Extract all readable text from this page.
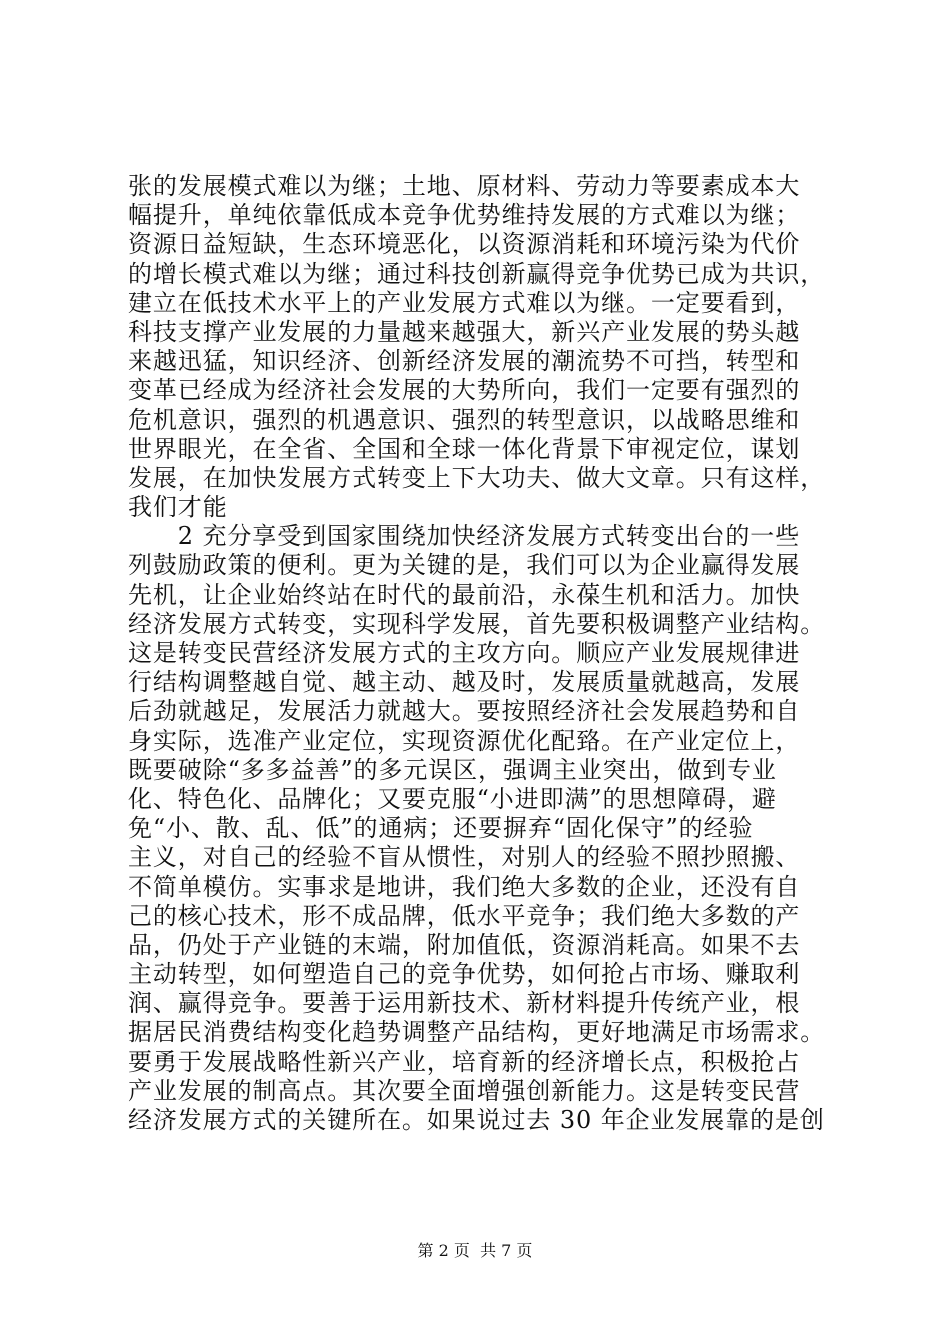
张的发展模式难以为继；土地、原材料、劳动力等要素成本大
幅提升，单纯依靠低成本竞争优势维持发展的方式难以为继；
资源日益短缺，生态环境恶化，以资源消耗和环境污染为代价
的增长模式难以为继；通过科技创新赢得竞争优势已成为共识，
建立在低技术水平上的产业发展方式难以为继。一定要看到，
科技支撑产业发展的力量越来越强大，新兴产业发展的势头越
来越迅猛，知识经济、创新经济发展的潮流势不可挡，转型和
变革已经成为经济社会发展的大势所向，我们一定要有强烈的
危机意识，强烈的机遇意识、强烈的转型意识，以战略思维和
世界眼光，在全省、全国和全球一体化背景下审视定位，谋划
发展，在加快发展方式转变上下大功夫、做大文章。只有这样，
我们才能
　　2 充分享受到国家围绕加快经济发展方式转变出台的一些
列鼓励政策的便利。更为关键的是，我们可以为企业赢得发展
先机，让企业始终站在时代的最前沿，永葆生机和活力。加快
经济发展方式转变，实现科学发展，首先要积极调整产业结构。
这是转变民营经济发展方式的主攻方向。顺应产业发展规律进
行结构调整越自觉、越主动、越及时，发展质量就越高，发展
后劲就越足，发展活力就越大。要按照经济社会发展趋势和自
身实际，选准产业定位，实现资源优化配臵。在产业定位上，
既要破除“多多益善”的多元误区，强调主业突出，做到专业
化、特色化、品牌化；又要克服“小进即满”的思想障碍，避
免“小、散、乱、低”的通病；还要摒弃“固化保守”的经验
主义，对自己的经验不盲从惯性，对别人的经验不照抄照搬、
不简单模仿。实事求是地讲，我们绝大多数的企业，还没有自
己的核心技术，形不成品牌，低水平竞争；我们绝大多数的产
品，仍处于产业链的末端，附加值低，资源消耗高。如果不去
主动转型，如何塑造自己的竞争优势，如何抢占市场、赚取利
润、赢得竞争。要善于运用新技术、新材料提升传统产业，根
据居民消费结构变化趋势调整产品结构，更好地满足市场需求。
要勇于发展战略性新兴产业，培育新的经济增长点，积极抢占
产业发展的制高点。其次要全面增强创新能力。这是转变民营
经济发展方式的关键所在。如果说过去 30 年企业发展靠的是创
第 2 页  共 7 页
